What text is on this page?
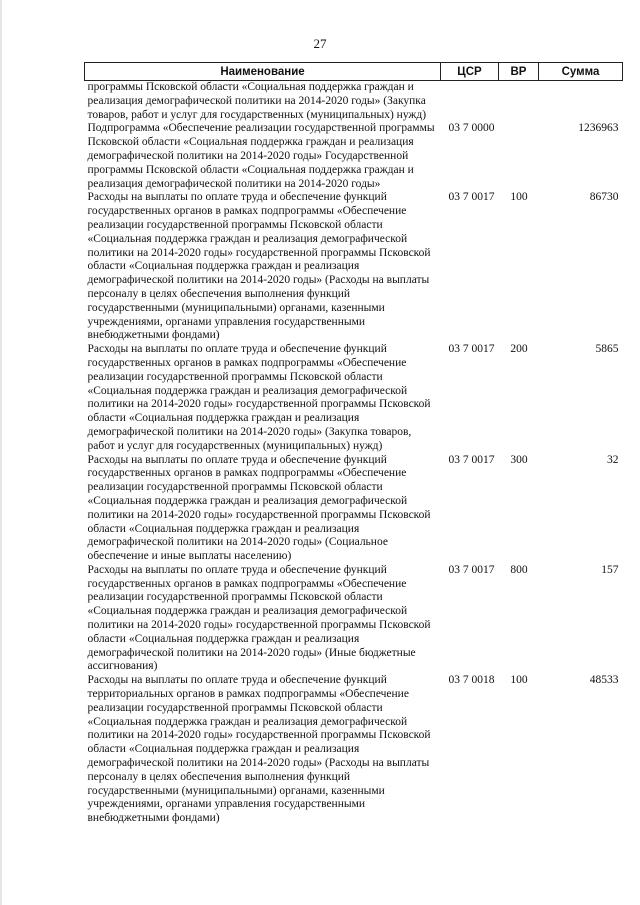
27
Наименование	ЦСР	ВР	Сумма
программы Псковской области «Социальная поддержка граждан и реализация демографической политики на 2014-2020 годы» (Закупка товаров, работ и услуг для государственных (муниципальных) нужд)			
Подпрограмма «Обеспечение реализации государственной программы Псковской области «Социальная поддержка граждан и реализация демографической политики на 2014-2020 годы» Государственной программы Псковской области «Социальная поддержка граждан и реализация демографической политики на 2014-2020 годы»	03 7 0000		1236963
Расходы на выплаты по оплате труда и обеспечение функций государственных органов в рамках подпрограммы «Обеспечение реализации государственной программы Псковской области «Социальная поддержка граждан и реализация демографической политики на 2014-2020 годы» государственной программы Псковской области «Социальная поддержка граждан и реализация демографической политики на 2014-2020 годы» (Расходы на выплаты персоналу в целях обеспечения выполнения функций государственными (муниципальными) органами, казенными учреждениями, органами управления государственными внебюджетными фондами)	03 7 0017	100	86730
Расходы на выплаты по оплате труда и обеспечение функций государственных органов в рамках подпрограммы «Обеспечение реализации государственной программы Псковской области «Социальная поддержка граждан и реализация демографической политики на 2014-2020 годы» государственной программы Псковской области «Социальная поддержка граждан и реализация демографической политики на 2014-2020 годы» (Закупка товаров, работ и услуг для государственных (муниципальных) нужд)	03 7 0017	200	5865
Расходы на выплаты по оплате труда и обеспечение функций государственных органов в рамках подпрограммы «Обеспечение реализации государственной программы Псковской области «Социальная поддержка граждан и реализация демографической политики на 2014-2020 годы» государственной программы Псковской области «Социальная поддержка граждан и реализация демографической политики на 2014-2020 годы» (Социальное обеспечение и иные выплаты населению)	03 7 0017	300	32
Расходы на выплаты по оплате труда и обеспечение функций государственных органов в рамках подпрограммы «Обеспечение реализации государственной программы Псковской области «Социальная поддержка граждан и реализация демографической политики на 2014-2020 годы» государственной программы Псковской области «Социальная поддержка граждан и реализация демографической политики на 2014-2020 годы» (Иные бюджетные ассигнования)	03 7 0017	800	157
Расходы на выплаты по оплате труда и обеспечение функций территориальных органов в рамках подпрограммы «Обеспечение реализации государственной программы Псковской области «Социальная поддержка граждан и реализация демографической политики на 2014-2020 годы» государственной программы Псковской области «Социальная поддержка граждан и реализация демографической политики на 2014-2020 годы» (Расходы на выплаты персоналу в целях обеспечения выполнения функций государственными (муниципальными) органами, казенными учреждениями, органами управления государственными внебюджетными фондами)	03 7 0018	100	48533
